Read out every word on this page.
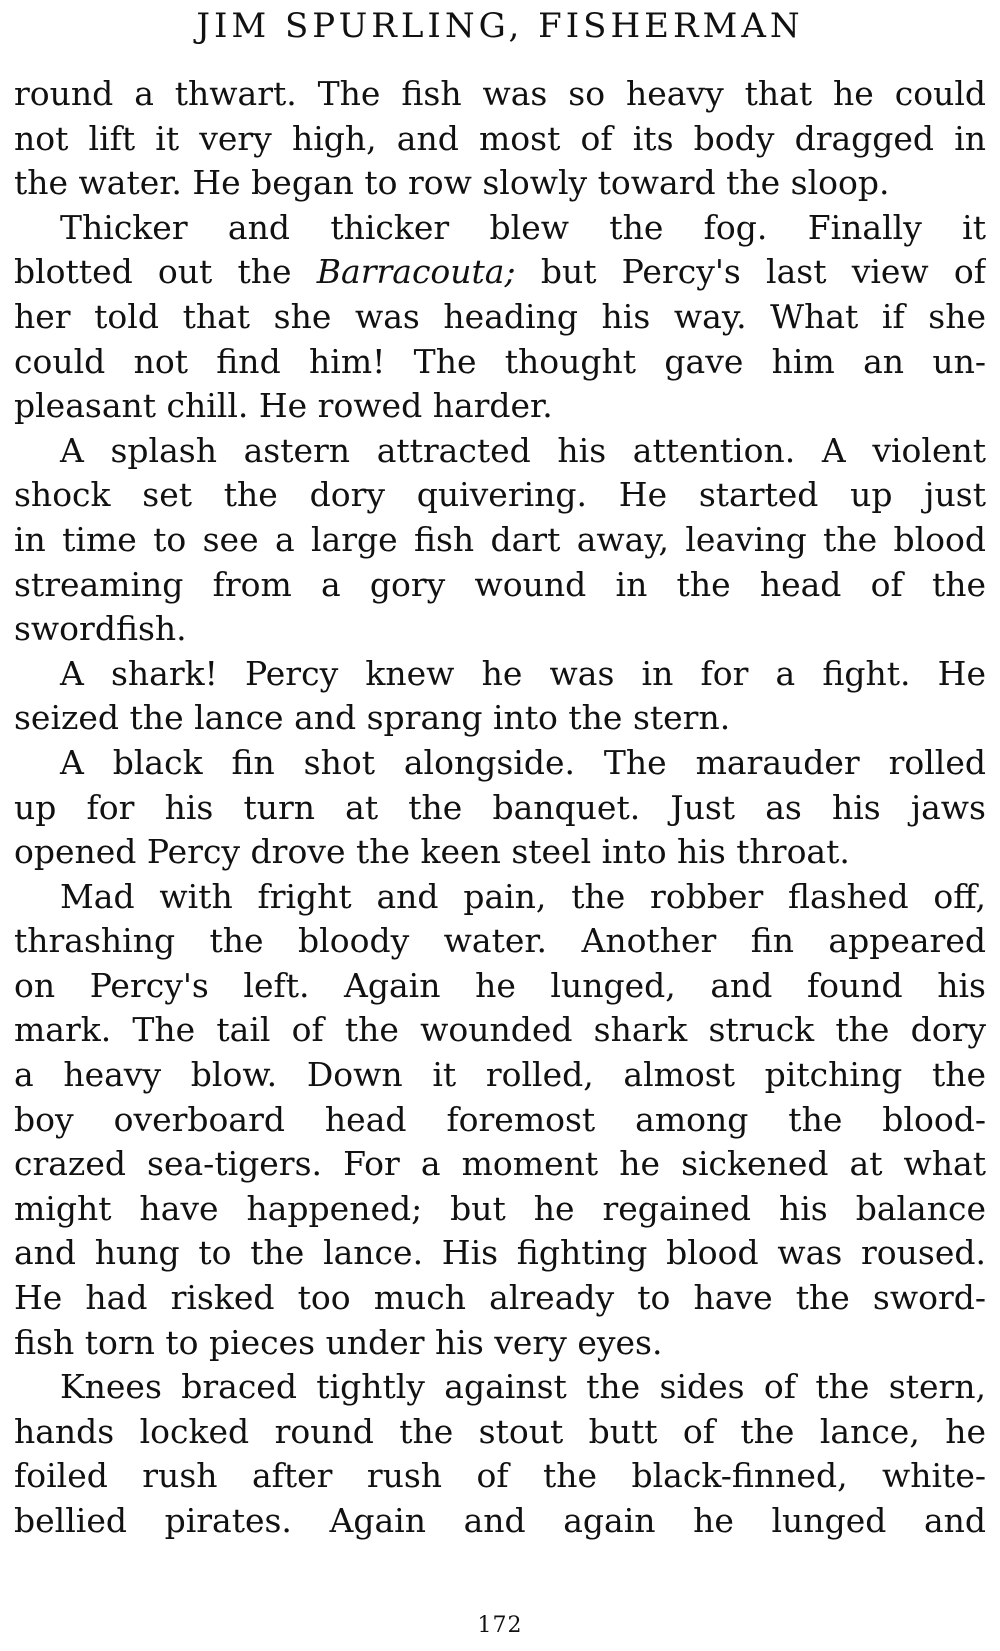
JIM SPURLING, FISHERMAN

round a thwart. The fish was so heavy that he could
not lift it very high, and most of its body dragged in
the water. He began to row slowly toward the sloop.

Thicker and thicker blew the fog. Finally it
blotted out the Barracouta; but Percy's last view of
her told that she was heading his way. What if she
could not find him! The thought gave him an un-
pleasant chill. He rowed harder.

A splash astern attracted his attention. A violent
shock set the dory quivering. He started up just
in time to see a large fish dart away, leaving the blood
streaming from a gory wound in the head of the
swordfish.

A shark! Percy knew he was in for a fight. He
seized the lance and sprang into the stern.

A black fin shot alongside. The marauder rolled
up for his turn at the banquet. Just as his jaws
opened Percy drove the keen steel into his throat.

Mad with fright and pain, the robber flashed off,
thrashing the bloody water. Another fin appeared
on Percy's left. Again he lunged, and found his
mark. The tail of the wounded shark struck the dory
a heavy blow. Down it rolled, almost pitching the
boy overboard head foremost among the blood-
crazed sea-tigers. For a moment he sickened at what
might have happened; but he regained his balance
and hung to the lance. His fighting blood was roused.
He had risked too much already to have the sword-
fish torn to pieces under his very eyes.

Knees braced tightly against the sides of the stern,
hands locked round the stout butt of the lance, he
foiled rush after rush of the black-finned, white-
bellied pirates. Again and again he lunged and

172
